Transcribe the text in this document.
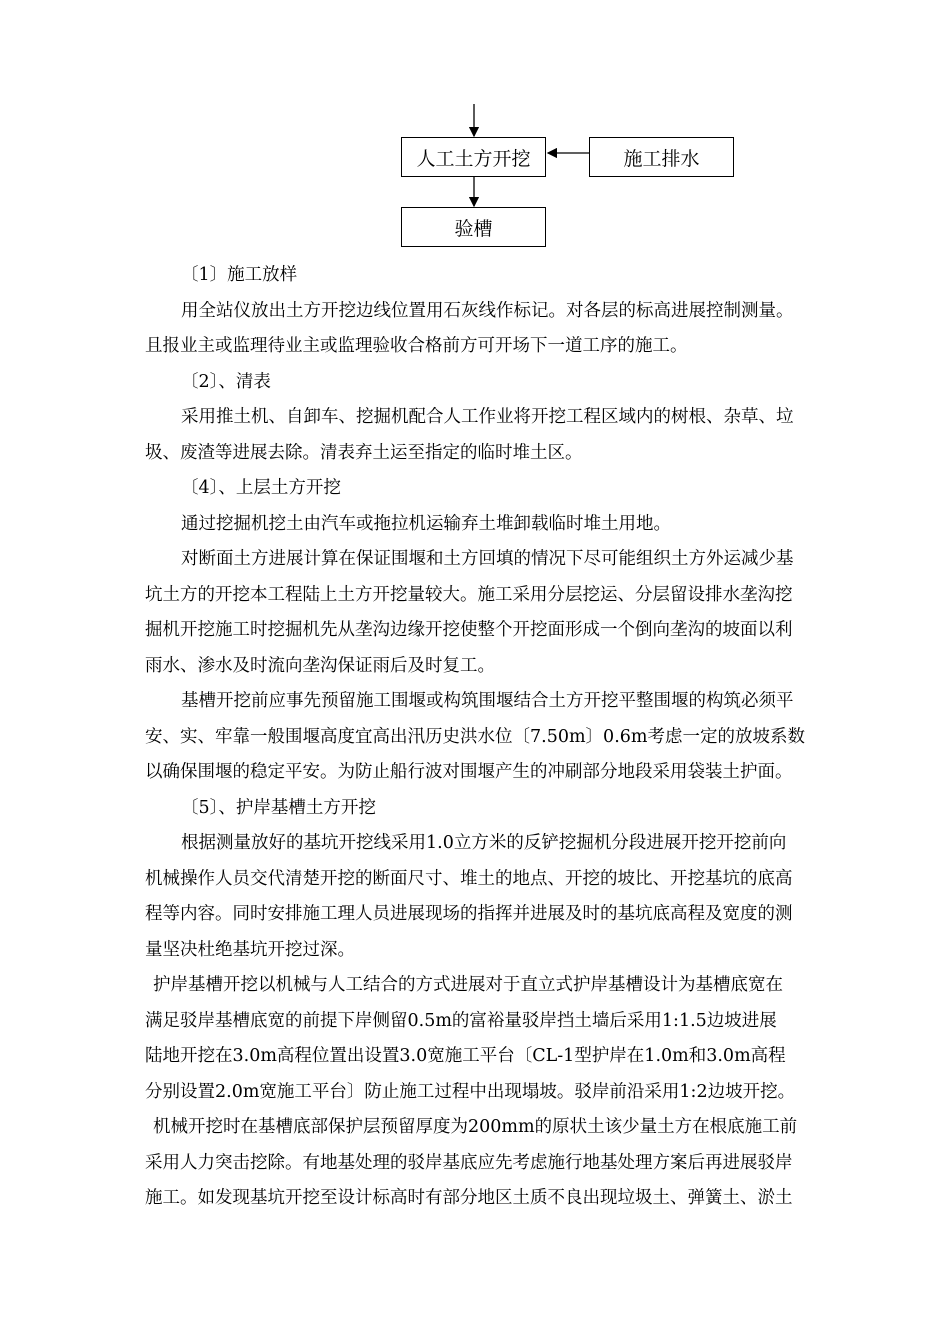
人工土方开挖	施工排水
验槽

〔1〕施工放样

用全站仪放出土方开挖边线位置用石灰线作标记。对各层的标高进展控制测量。

且报业主或监理待业主或监理验收合格前方可开场下一道工序的施工。

〔2〕、清表

采用推土机、自卸车、挖掘机配合人工作业将开挖工程区域内的树根、杂草、垃

圾、废渣等进展去除。清表弃土运至指定的临时堆土区。

〔4〕、上层土方开挖

通过挖掘机挖土由汽车或拖拉机运输弃土堆卸载临时堆土用地。

对断面土方进展计算在保证围堰和土方回填的情况下尽可能组织土方外运减少基

坑土方的开挖本工程陆上土方开挖量较大。施工采用分层挖运、分层留设排水垄沟挖

掘机开挖施工时挖掘机先从垄沟边缘开挖使整个开挖面形成一个倒向垄沟的坡面以利

雨水、渗水及时流向垄沟保证雨后及时复工。

基槽开挖前应事先预留施工围堰或构筑围堰结合土方开挖平整围堰的构筑必须平

安、实、牢靠一般围堰高度宜高出汛历史洪水位〔7.50m〕0.6m考虑一定的放坡系数

以确保围堰的稳定平安。为防止船行波对围堰产生的冲刷部分地段采用袋装土护面。

〔5〕、护岸基槽土方开挖

根据测量放好的基坑开挖线采用1.0立方米的反铲挖掘机分段进展开挖开挖前向

机械操作人员交代清楚开挖的断面尺寸、堆土的地点、开挖的坡比、开挖基坑的底高

程等内容。同时安排施工理人员进展现场的指挥并进展及时的基坑底高程及宽度的测

量坚决杜绝基坑开挖过深。

护岸基槽开挖以机械与人工结合的方式进展对于直立式护岸基槽设计为基槽底宽在

满足驳岸基槽底宽的前提下岸侧留0.5m的富裕量驳岸挡土墙后采用1:1.5边坡进展

陆地开挖在3.0m高程位置出设置3.0宽施工平台〔CL-1型护岸在1.0m和3.0m高程

分别设置2.0m宽施工平台〕防止施工过程中出现塌坡。驳岸前沿采用1:2边坡开挖。

机械开挖时在基槽底部保护层预留厚度为200mm的原状土该少量土方在根底施工前

采用人力突击挖除。有地基处理的驳岸基底应先考虑施行地基处理方案后再进展驳岸

施工。如发现基坑开挖至设计标高时有部分地区土质不良出现垃圾土、弹簧土、淤土
